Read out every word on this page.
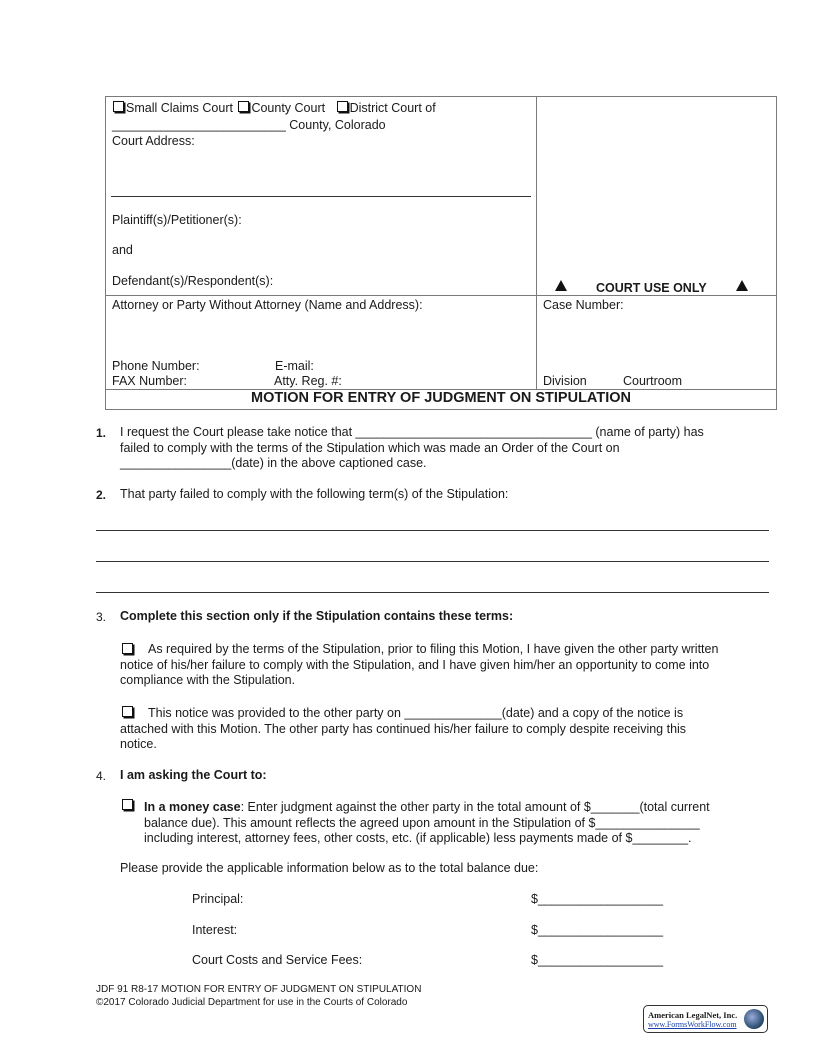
Small Claims Court County Court District Court of
_________________________ County, Colorado
Court Address:
Plaintiff(s)/Petitioner(s):
and
Defendant(s)/Respondent(s):	COURT USE ONLY
Attorney or Party Without Attorney (Name and Address):
Phone Number:	E-mail:
FAX Number:	Atty. Reg. #:
Case Number:
Division	Courtroom
MOTION FOR ENTRY OF JUDGMENT ON STIPULATION
1. I request the Court please take notice that __________________________________ (name of party) has
failed to comply with the terms of the Stipulation which was made an Order of the Court on
________________(date) in the above captioned case.
2. That party failed to comply with the following term(s) of the Stipulation:
3. Complete this section only if the Stipulation contains these terms:
As required by the terms of the Stipulation, prior to filing this Motion, I have given the other party written
notice of his/her failure to comply with the Stipulation, and I have given him/her an opportunity to come into
compliance with the Stipulation.
This notice was provided to the other party on ______________(date) and a copy of the notice is
attached with this Motion. The other party has continued his/her failure to comply despite receiving this
notice.
4. I am asking the Court to:
In a money case: Enter judgment against the other party in the total amount of $_______(total current
balance due). This amount reflects the agreed upon amount in the Stipulation of $_______________
including interest, attorney fees, other costs, etc. (if applicable) less payments made of $________.
Please provide the applicable information below as to the total balance due:
Principal:	$__________________
Interest:	$__________________
Court Costs and Service Fees:	$__________________
JDF 91 R8-17 MOTION FOR ENTRY OF JUDGMENT ON STIPULATION
©2017 Colorado Judicial Department for use in the Courts of Colorado
American LegalNet, Inc.
www.FormsWorkFlow.com
